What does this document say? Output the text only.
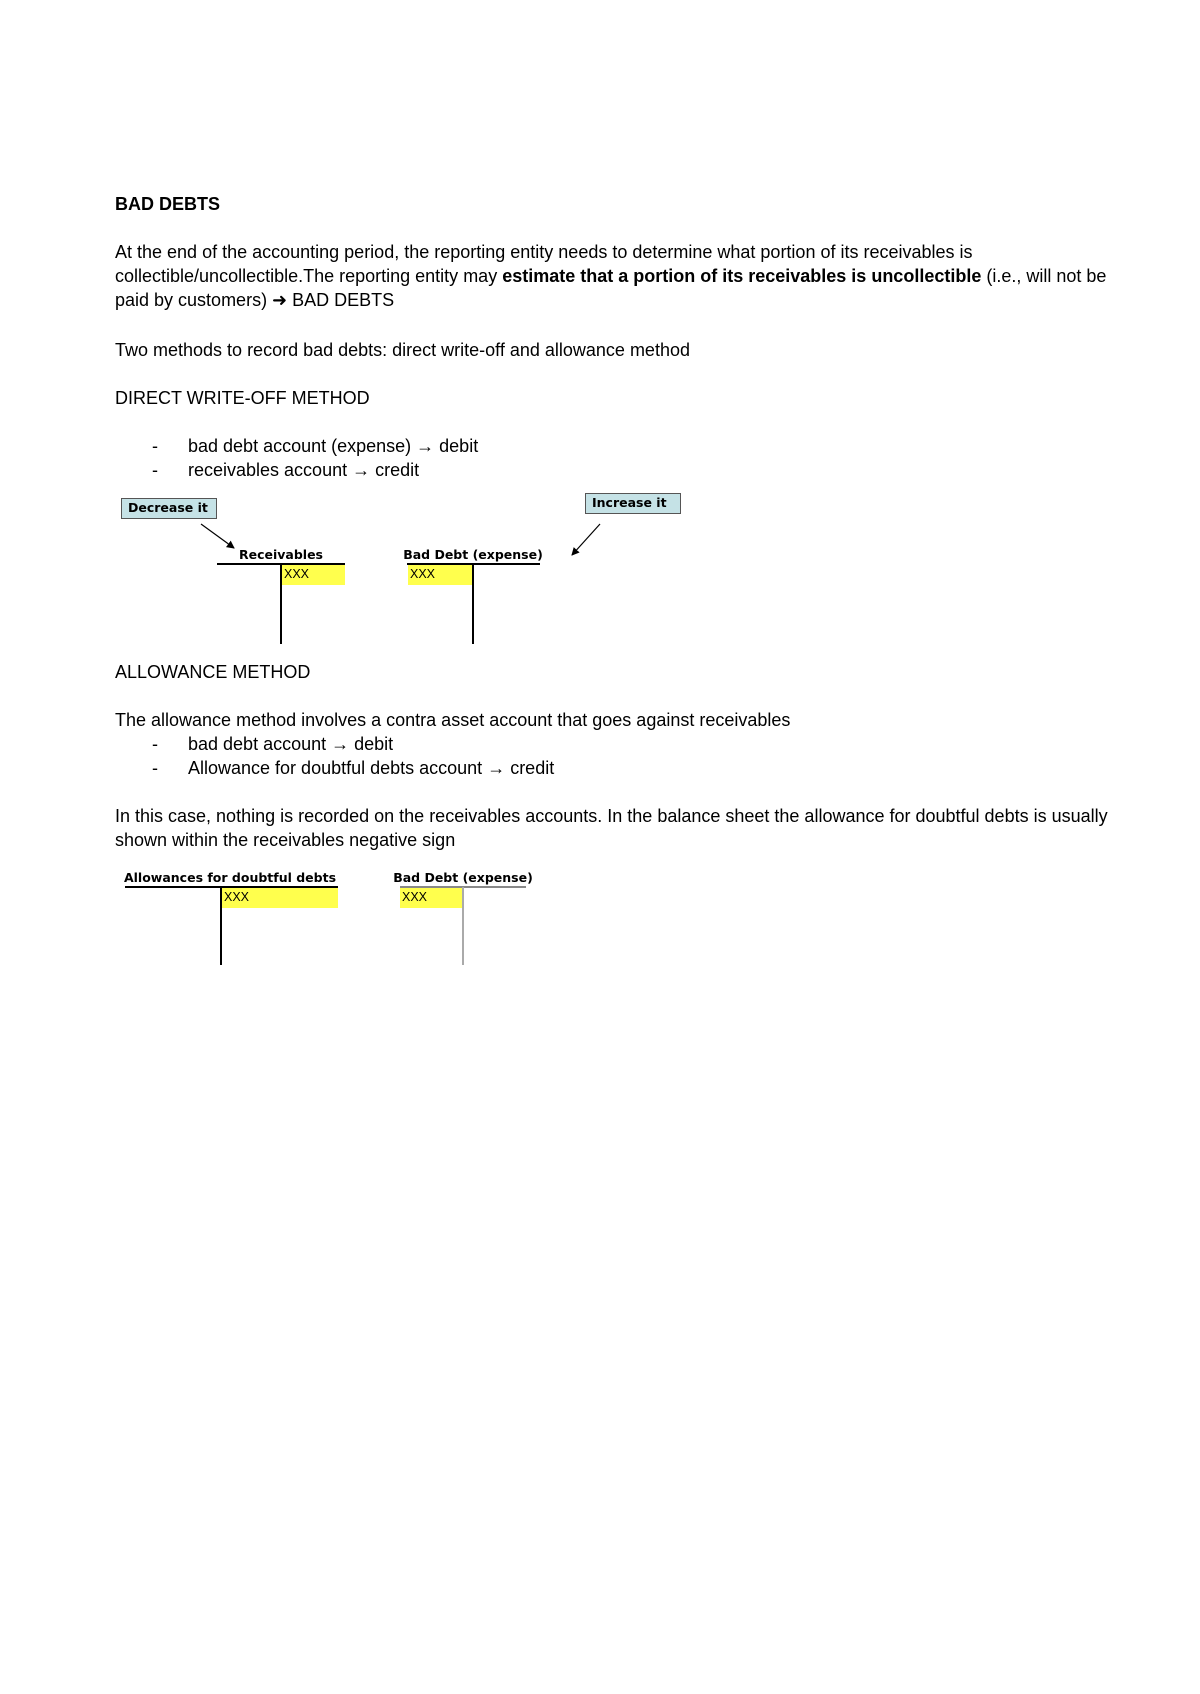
BAD DEBTS
At the end of the accounting period, the reporting entity needs to determine what portion of its receivables is collectible/uncollectible.The reporting entity may estimate that a portion of its receivables is uncollectible (i.e., will not be paid by customers) ➜ BAD DEBTS
Two methods to record bad debts: direct write-off and allowance method
DIRECT WRITE-OFF METHOD
- bad debt account (expense) → debit
- receivables account → credit
Decrease it	Increase it
Receivables
XXX
Bad Debt (expense)
XXX
ALLOWANCE METHOD
The allowance method involves a contra asset account that goes against receivables
- bad debt account → debit
- Allowance for doubtful debts account → credit
In this case, nothing is recorded on the receivables accounts. In the balance sheet the allowance for doubtful debts is usually shown within the receivables negative sign
Allowances for doubtful debts
XXX
Bad Debt (expense)
XXX
